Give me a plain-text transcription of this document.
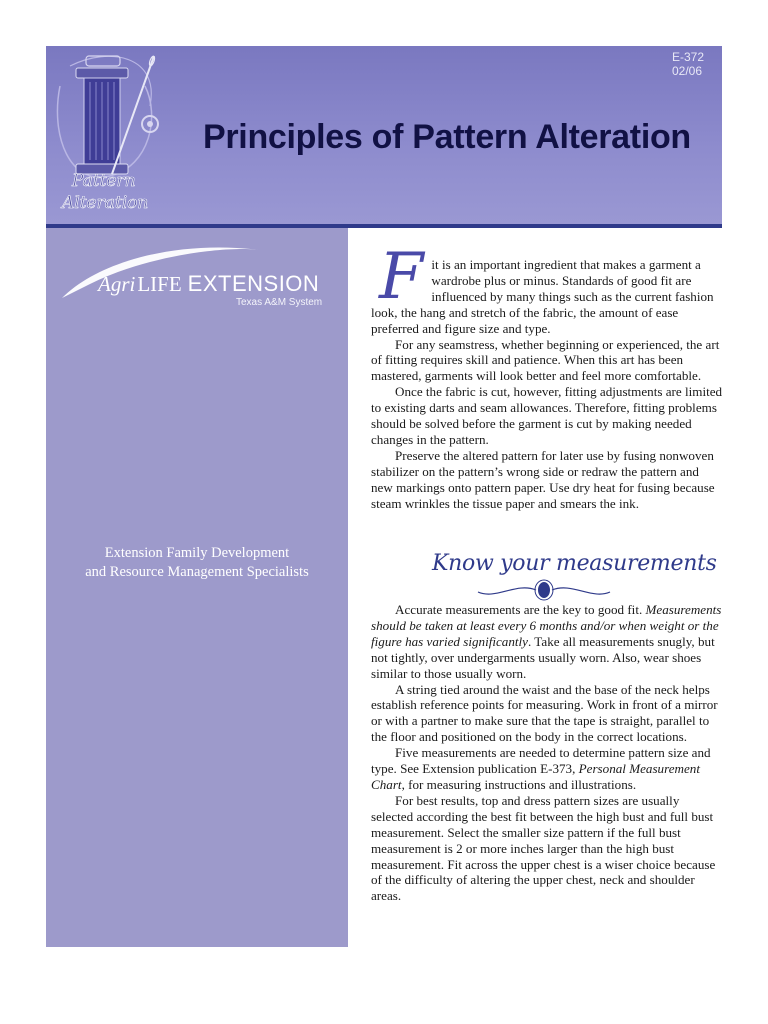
Pattern
Alteration
E-372
02/06
Principles of Pattern Alteration
AgriLIFE EXTENSION
Texas A&M System
Extension Family Development
and Resource Management Specialists

Fit is an important ingredient that makes a garment a wardrobe plus or minus. Standards of good fit are influenced by many things such as the current fashion look, the hang and stretch of the fabric, the amount of ease preferred and figure size and type.

For any seamstress, whether beginning or experienced, the art of fitting requires skill and patience. When this art has been mastered, garments will look better and feel more comfortable.

Once the fabric is cut, however, fitting adjustments are limited to existing darts and seam allowances. Therefore, fitting problems should be solved before the garment is cut by making needed changes in the pattern.

Preserve the altered pattern for later use by fusing nonwoven stabilizer on the pattern’s wrong side or redraw the pattern and new markings onto pattern paper. Use dry heat for fusing because steam wrinkles the tissue paper and smears the ink.

Know your measurements

Accurate measurements are the key to good fit. Measurements should be taken at least every 6 months and/or when weight or the figure has varied significantly. Take all measurements snugly, but not tightly, over undergarments usually worn. Also, wear shoes similar to those usually worn.

A string tied around the waist and the base of the neck helps establish reference points for measuring. Work in front of a mirror or with a partner to make sure that the tape is straight, parallel to the floor and positioned on the body in the correct locations.

Five measurements are needed to determine pattern size and type. See Extension publication E-373, Personal Measurement Chart, for measuring instructions and illustrations.

For best results, top and dress pattern sizes are usually selected according the best fit between the high bust and full bust measurement. Select the smaller size pattern if the full bust measurement is 2 or more inches larger than the high bust measurement. Fit across the upper chest is a wiser choice because of the difficulty of altering the upper chest, neck and shoulder areas.
